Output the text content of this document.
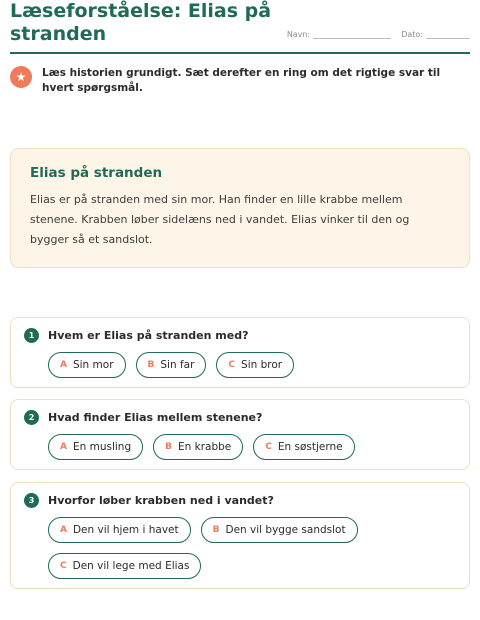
Læseforståelse: Elias på stranden	Navn:	Dato:
★	Læs historien grundigt. Sæt derefter en ring om det rigtige svar til hvert spørgsmål.
Elias på stranden
Elias er på stranden med sin mor. Han finder en lille krabbe mellem stenene. Krabben løber sidelæns ned i vandet. Elias vinker til den og bygger så et sandslot.
1	Hvem er Elias på stranden med?
A Sin mor	B Sin far	C Sin bror
2	Hvad finder Elias mellem stenene?
A En musling	B En krabbe	C En søstjerne
3	Hvorfor løber krabben ned i vandet?
A Den vil hjem i havet	B Den vil bygge sandslot
C Den vil lege med Elias
